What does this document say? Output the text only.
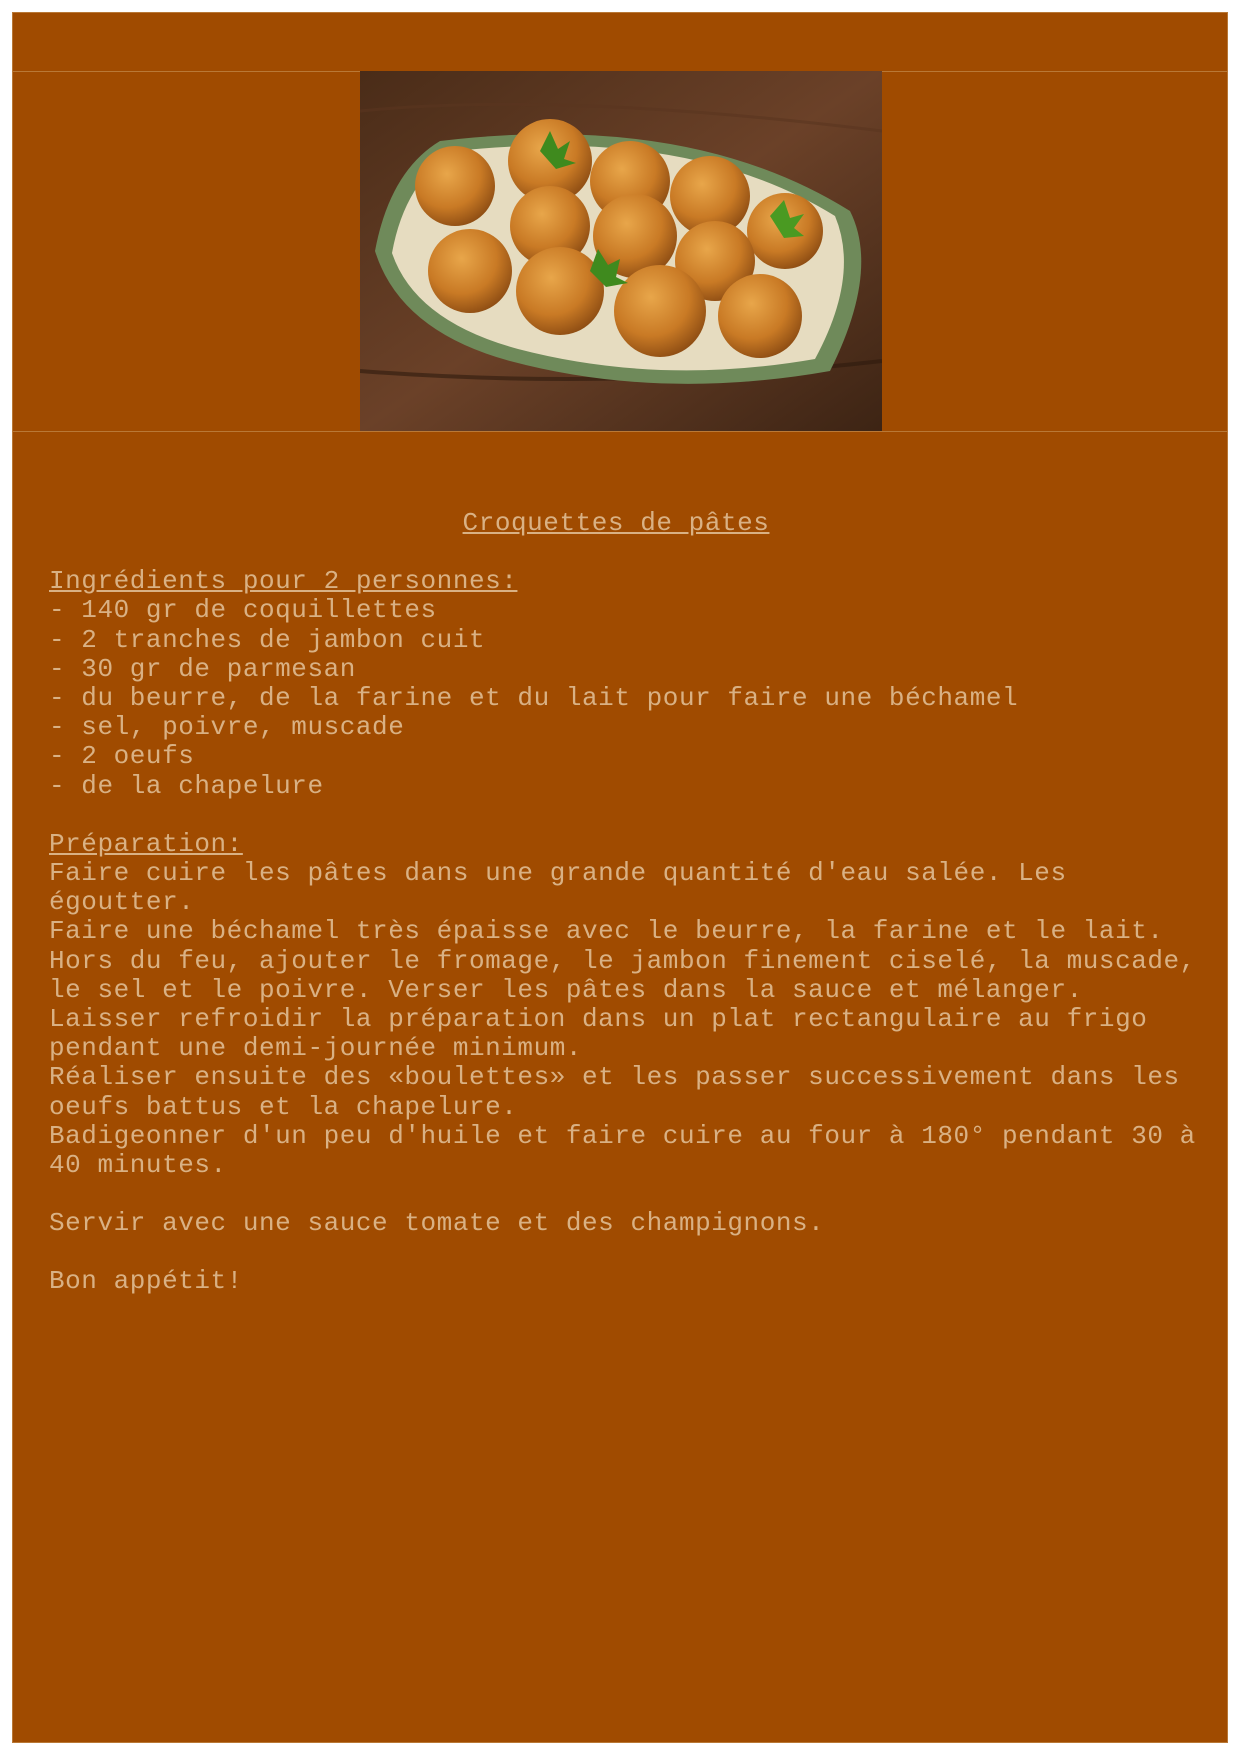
Croquettes de pâtes
Ingrédients pour 2 personnes:
- 140 gr de coquillettes
- 2 tranches de jambon cuit
- 30 gr de parmesan
- du beurre, de la farine et du lait pour faire une béchamel
- sel, poivre, muscade
- 2 oeufs
- de la chapelure
Préparation:
Faire cuire les pâtes dans une grande quantité d'eau salée. Les égoutter.
Faire une béchamel très épaisse avec le beurre, la farine et le lait.
Hors du feu, ajouter le fromage, le jambon finement ciselé, la muscade, le sel et le poivre. Verser les pâtes dans la sauce et mélanger.
Laisser refroidir la préparation dans un plat rectangulaire au frigo pendant une demi-journée minimum.
Réaliser ensuite des «boulettes» et les passer successivement dans les oeufs battus et la chapelure.
Badigeonner d'un peu d'huile et faire cuire au four à 180° pendant 30 à 40 minutes.
Servir avec une sauce tomate et des champignons.
Bon appétit!
